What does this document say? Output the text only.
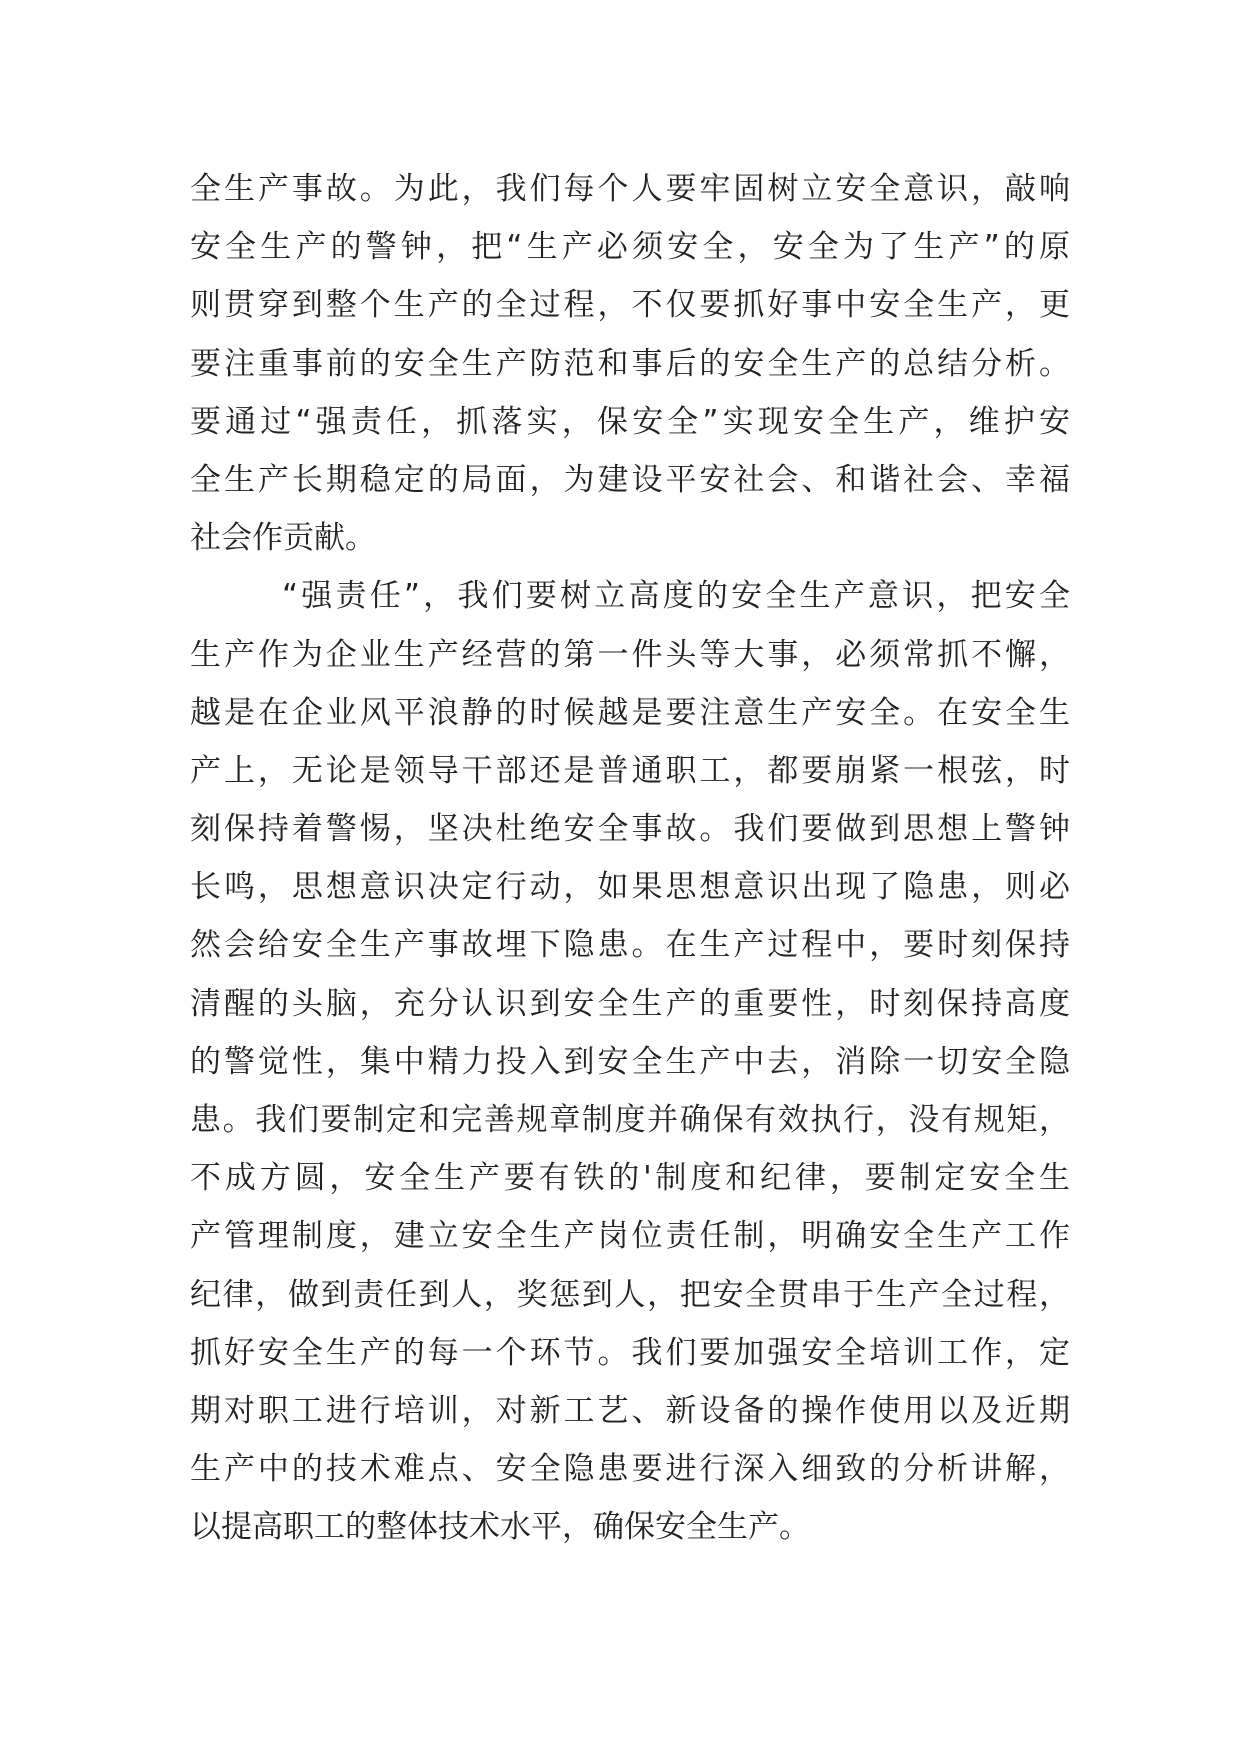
全生产事故。为此，我们每个人要牢固树立安全意识，敲响
安全生产的警钟，把“生产必须安全，安全为了生产”的原
则贯穿到整个生产的全过程，不仅要抓好事中安全生产，更
要注重事前的安全生产防范和事后的安全生产的总结分析。
要通过“强责任，抓落实，保安全”实现安全生产，维护安
全生产长期稳定的局面，为建设平安社会、和谐社会、幸福
社会作贡献。
“强责任”，我们要树立高度的安全生产意识，把安全
生产作为企业生产经营的第一件头等大事，必须常抓不懈，
越是在企业风平浪静的时候越是要注意生产安全。在安全生
产上，无论是领导干部还是普通职工，都要崩紧一根弦，时
刻保持着警惕，坚决杜绝安全事故。我们要做到思想上警钟
长鸣，思想意识决定行动，如果思想意识出现了隐患，则必
然会给安全生产事故埋下隐患。在生产过程中，要时刻保持
清醒的头脑，充分认识到安全生产的重要性，时刻保持高度
的警觉性，集中精力投入到安全生产中去，消除一切安全隐
患。我们要制定和完善规章制度并确保有效执行，没有规矩，
不成方圆，安全生产要有铁的'制度和纪律，要制定安全生
产管理制度，建立安全生产岗位责任制，明确安全生产工作
纪律，做到责任到人，奖惩到人，把安全贯串于生产全过程，
抓好安全生产的每一个环节。我们要加强安全培训工作，定
期对职工进行培训，对新工艺、新设备的操作使用以及近期
生产中的技术难点、安全隐患要进行深入细致的分析讲解，
以提高职工的整体技术水平，确保安全生产。
